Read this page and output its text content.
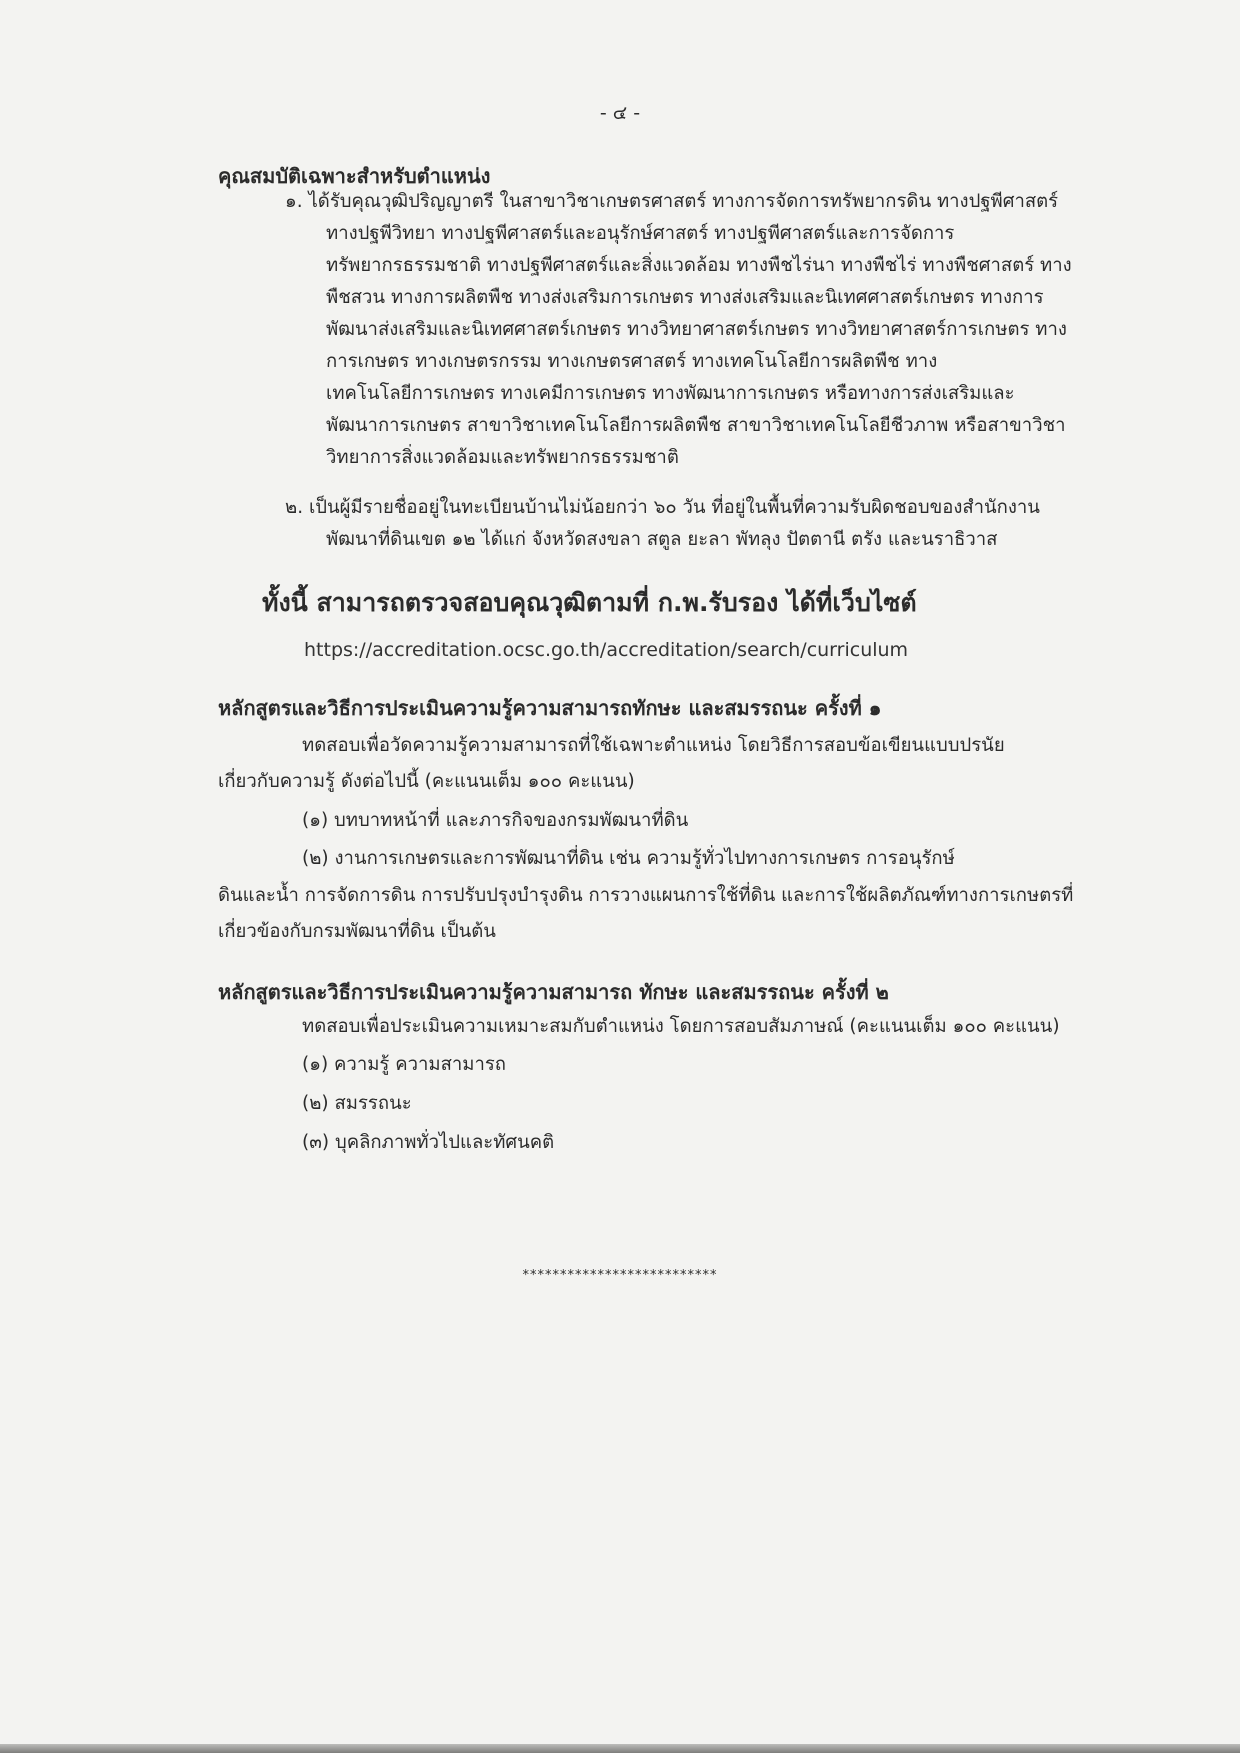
- ๔ -
คุณสมบัติเฉพาะสำหรับตำแหน่ง
๑. ได้รับคุณวุฒิปริญญาตรี ในสาขาวิชาเกษตรศาสตร์ ทางการจัดการทรัพยากรดิน ทางปฐพีศาสตร์
ทางปฐพีวิทยา ทางปฐพีศาสตร์และอนุรักษ์ศาสตร์ ทางปฐพีศาสตร์และการจัดการ
ทรัพยากรธรรมชาติ ทางปฐพีศาสตร์และสิ่งแวดล้อม ทางพืชไร่นา ทางพืชไร่ ทางพืชศาสตร์ ทาง
พืชสวน ทางการผลิตพืช ทางส่งเสริมการเกษตร ทางส่งเสริมและนิเทศศาสตร์เกษตร ทางการ
พัฒนาส่งเสริมและนิเทศศาสตร์เกษตร ทางวิทยาศาสตร์เกษตร ทางวิทยาศาสตร์การเกษตร ทาง
การเกษตร ทางเกษตรกรรม ทางเกษตรศาสตร์ ทางเทคโนโลยีการผลิตพืช ทาง
เทคโนโลยีการเกษตร ทางเคมีการเกษตร ทางพัฒนาการเกษตร หรือทางการส่งเสริมและ
พัฒนาการเกษตร สาขาวิชาเทคโนโลยีการผลิตพืช สาขาวิชาเทคโนโลยีชีวภาพ หรือสาขาวิชา
วิทยาการสิ่งแวดล้อมและทรัพยากรธรรมชาติ
๒. เป็นผู้มีรายชื่ออยู่ในทะเบียนบ้านไม่น้อยกว่า ๖๐ วัน ที่อยู่ในพื้นที่ความรับผิดชอบของสำนักงาน
พัฒนาที่ดินเขต ๑๒ ได้แก่ จังหวัดสงขลา สตูล ยะลา พัทลุง ปัตตานี ตรัง และนราธิวาส
ทั้งนี้ สามารถตรวจสอบคุณวุฒิตามที่ ก.พ.รับรอง ได้ที่เว็บไซต์
https://accreditation.ocsc.go.th/accreditation/search/curriculum
หลักสูตรและวิธีการประเมินความรู้ความสามารถทักษะ และสมรรถนะ ครั้งที่ ๑
ทดสอบเพื่อวัดความรู้ความสามารถที่ใช้เฉพาะตำแหน่ง โดยวิธีการสอบข้อเขียนแบบปรนัย
เกี่ยวกับความรู้ ดังต่อไปนี้ (คะแนนเต็ม ๑๐๐ คะแนน)
(๑) บทบาทหน้าที่ และภารกิจของกรมพัฒนาที่ดิน
(๒) งานการเกษตรและการพัฒนาที่ดิน เช่น ความรู้ทั่วไปทางการเกษตร การอนุรักษ์
ดินและน้ำ การจัดการดิน การปรับปรุงบำรุงดิน การวางแผนการใช้ที่ดิน และการใช้ผลิตภัณฑ์ทางการเกษตรที่
เกี่ยวข้องกับกรมพัฒนาที่ดิน เป็นต้น
หลักสูตรและวิธีการประเมินความรู้ความสามารถ ทักษะ และสมรรถนะ ครั้งที่ ๒
ทดสอบเพื่อประเมินความเหมาะสมกับตำแหน่ง โดยการสอบสัมภาษณ์ (คะแนนเต็ม ๑๐๐ คะแนน)
(๑) ความรู้ ความสามารถ
(๒) สมรรถนะ
(๓) บุคลิกภาพทั่วไปและทัศนคติ
**************************
